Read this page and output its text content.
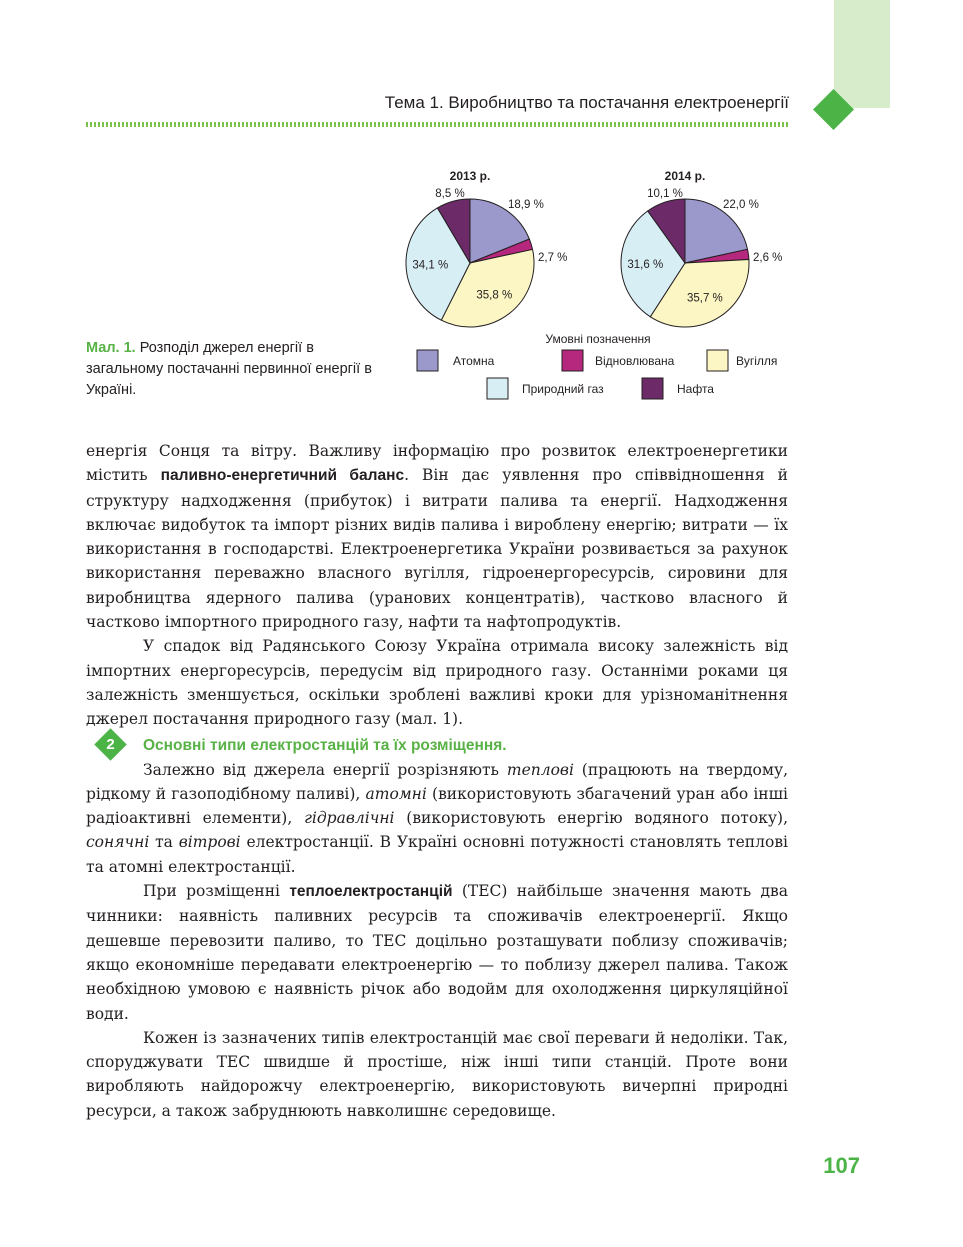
Тема 1. Виробництво та постачання електроенергії
2013 р.
18,9 %
2,7 %
35,8 %
34,1 %
8,5 %
2014 р.
22,0 %
2,6 %
35,7 %
31,6 %
10,1 %
Умовні позначення
Атомна	Відновлювана	Вугілля
Природний газ	Нафта
Мал. 1. Розподіл джерел енергії в загальному постачанні первинної енергії в Україні.

енергія Сонця та вітру. Важливу інформацію про розвиток електроенергетики містить паливно-енергетичний баланс. Він дає уявлення про співвідношення й структуру надходження (прибуток) і витрати палива та енергії. Надходження включає видобуток та імпорт різних видів палива і вироблену енергію; витрати — їх використання в господарстві. Електроенергетика України розвивається за рахунок використання переважно власного вугілля, гідроенергоресурсів, сировини для виробництва ядерного палива (уранових концентратів), частково власного й частково імпортного природного газу, нафти та нафтопродуктів.

У спадок від Радянського Союзу Україна отримала високу залежність від імпортних енергоресурсів, передусім від природного газу. Останніми роками ця залежність зменшується, оскільки зроблені важливі кроки для урізноманітнення джерел постачання природного газу (мал. 1).

2	Основні типи електростанцій та їх розміщення.

Залежно від джерела енергії розрізняють теплові (працюють на твердому, рідкому й газоподібному паливі), атомні (використовують збагачений уран або інші радіоактивні елементи), гідравлічні (використовують енергію водяного потоку), сонячні та вітрові електростанції. В Україні основні потужності становлять теплові та атомні електростанції.

При розміщенні теплоелектростанцій (ТЕС) найбільше значення мають два чинники: наявність паливних ресурсів та споживачів електроенергії. Якщо дешевше перевозити паливо, то ТЕС доцільно розташувати поблизу споживачів; якщо економніше передавати електроенергію — то поблизу джерел палива. Також необхідною умовою є наявність річок або водойм для охолодження циркуляційної води.

Кожен із зазначених типів електростанцій має свої переваги й недоліки. Так, споруджувати ТЕС швидше й простіше, ніж інші типи станцій. Проте вони виробляють найдорожчу електроенергію, використовують вичерпні природні ресурси, а також забруднюють навколишнє середовище.

107
